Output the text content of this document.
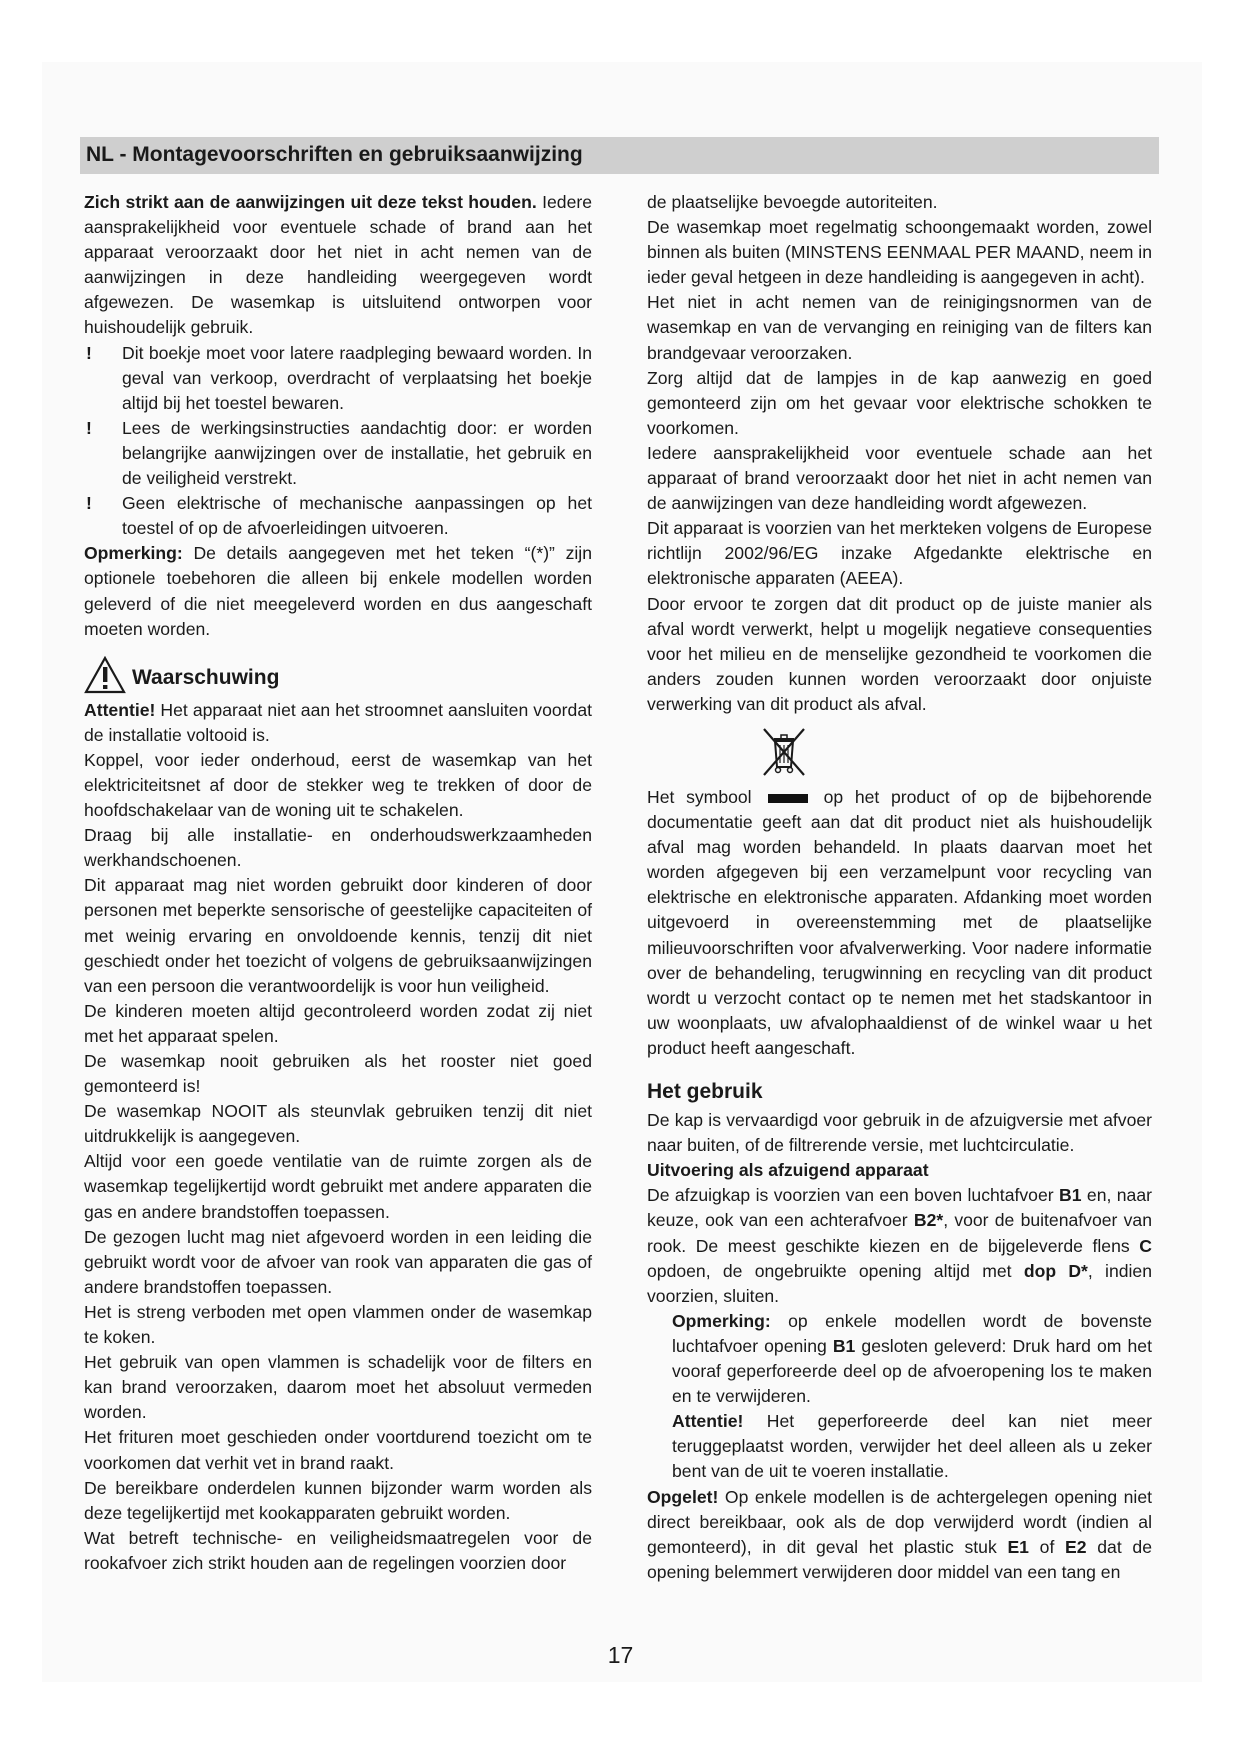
NL - Montagevoorschriften en gebruiksaanwijzing

Zich strikt aan de aanwijzingen uit deze tekst houden. Iedere aansprakelijkheid voor eventuele schade of brand aan het apparaat veroorzaakt door het niet in acht nemen van de aanwijzingen in deze handleiding weergegeven wordt afgewezen. De wasemkap is uitsluitend ontworpen voor huishoudelijk gebruik.

! Dit boekje moet voor latere raadpleging bewaard worden. In geval van verkoop, overdracht of verplaatsing het boekje altijd bij het toestel bewaren.

! Lees de werkingsinstructies aandachtig door: er worden belangrijke aanwijzingen over de installatie, het gebruik en de veiligheid verstrekt.

! Geen elektrische of mechanische aanpassingen op het toestel of op de afvoerleidingen uitvoeren.

Opmerking: De details aangegeven met het teken “(*)” zijn optionele toebehoren die alleen bij enkele modellen worden geleverd of die niet meegeleverd worden en dus aangeschaft moeten worden.

Waarschuwing

Attentie! Het apparaat niet aan het stroomnet aansluiten voordat de installatie voltooid is.

Koppel, voor ieder onderhoud, eerst de wasemkap van het elektriciteitsnet af door de stekker weg te trekken of door de hoofdschakelaar van de woning uit te schakelen.

Draag bij alle installatie- en onderhoudswerkzaamheden werkhandschoenen.

Dit apparaat mag niet worden gebruikt door kinderen of door personen met beperkte sensorische of geestelijke capaciteiten of met weinig ervaring en onvoldoende kennis, tenzij dit niet geschiedt onder het toezicht of volgens de gebruiksaanwijzingen van een persoon die verantwoordelijk is voor hun veiligheid.

De kinderen moeten altijd gecontroleerd worden zodat zij niet met het apparaat spelen.

De wasemkap nooit gebruiken als het rooster niet goed gemonteerd is!

De wasemkap NOOIT als steunvlak gebruiken tenzij dit niet uitdrukkelijk is aangegeven.

Altijd voor een goede ventilatie van de ruimte zorgen als de wasemkap tegelijkertijd wordt gebruikt met andere apparaten die gas en andere brandstoffen toepassen.

De gezogen lucht mag niet afgevoerd worden in een leiding die gebruikt wordt voor de afvoer van rook van apparaten die gas of andere brandstoffen toepassen.

Het is streng verboden met open vlammen onder de wasemkap te koken.

Het gebruik van open vlammen is schadelijk voor de filters en kan brand veroorzaken, daarom moet het absoluut vermeden worden.

Het frituren moet geschieden onder voortdurend toezicht om te voorkomen dat verhit vet in brand raakt.

De bereikbare onderdelen kunnen bijzonder warm worden als deze tegelijkertijd met kookapparaten gebruikt worden.

Wat betreft technische- en veiligheidsmaatregelen voor de rookafvoer zich strikt houden aan de regelingen voorzien door

de plaatselijke bevoegde autoriteiten.

De wasemkap moet regelmatig schoongemaakt worden, zowel binnen als buiten (MINSTENS EENMAAL PER MAAND, neem in ieder geval hetgeen in deze handleiding is aangegeven in acht).

Het niet in acht nemen van de reinigingsnormen van de wasemkap en van de vervanging en reiniging van de filters kan brandgevaar veroorzaken.

Zorg altijd dat de lampjes in de kap aanwezig en goed gemonteerd zijn om het gevaar voor elektrische schokken te voorkomen.

Iedere aansprakelijkheid voor eventuele schade aan het apparaat of brand veroorzaakt door het niet in acht nemen van de aanwijzingen van deze handleiding wordt afgewezen.

Dit apparaat is voorzien van het merkteken volgens de Europese richtlijn 2002/96/EG inzake Afgedankte elektrische en elektronische apparaten (AEEA).

Door ervoor te zorgen dat dit product op de juiste manier als afval wordt verwerkt, helpt u mogelijk negatieve consequenties voor het milieu en de menselijke gezondheid te voorkomen die anders zouden kunnen worden veroorzaakt door onjuiste verwerking van dit product als afval.

Het symbool	op het product of op de bijbehorende documentatie geeft aan dat dit product niet als huishoudelijk afval mag worden behandeld. In plaats daarvan moet het worden afgegeven bij een verzamelpunt voor recycling van elektrische en elektronische apparaten. Afdanking moet worden uitgevoerd in overeenstemming met de plaatselijke milieuvoorschriften voor afvalverwerking. Voor nadere informatie over de behandeling, terugwinning en recycling van dit product wordt u verzocht contact op te nemen met het stadskantoor in uw woonplaats, uw afvalophaaldienst of de winkel waar u het product heeft aangeschaft.

Het gebruik

De kap is vervaardigd voor gebruik in de afzuigversie met afvoer naar buiten, of de filtrerende versie, met luchtcirculatie.

Uitvoering als afzuigend apparaat

De afzuigkap is voorzien van een boven luchtafvoer B1 en, naar keuze, ook van een achterafvoer B2*, voor de buitenafvoer van rook. De meest geschikte kiezen en de bijgeleverde flens C opdoen, de ongebruikte opening altijd met dop D*, indien voorzien, sluiten.

Opmerking: op enkele modellen wordt de bovenste luchtafvoer opening B1 gesloten geleverd: Druk hard om het vooraf geperforeerde deel op de afvoeropening los te maken en te verwijderen.

Attentie! Het geperforeerde deel kan niet meer teruggeplaatst worden, verwijder het deel alleen als u zeker bent van de uit te voeren installatie.

Opgelet! Op enkele modellen is de achtergelegen opening niet direct bereikbaar, ook als de dop verwijderd wordt (indien al gemonteerd), in dit geval het plastic stuk E1 of E2 dat de opening belemmert verwijderen door middel van een tang en

17
